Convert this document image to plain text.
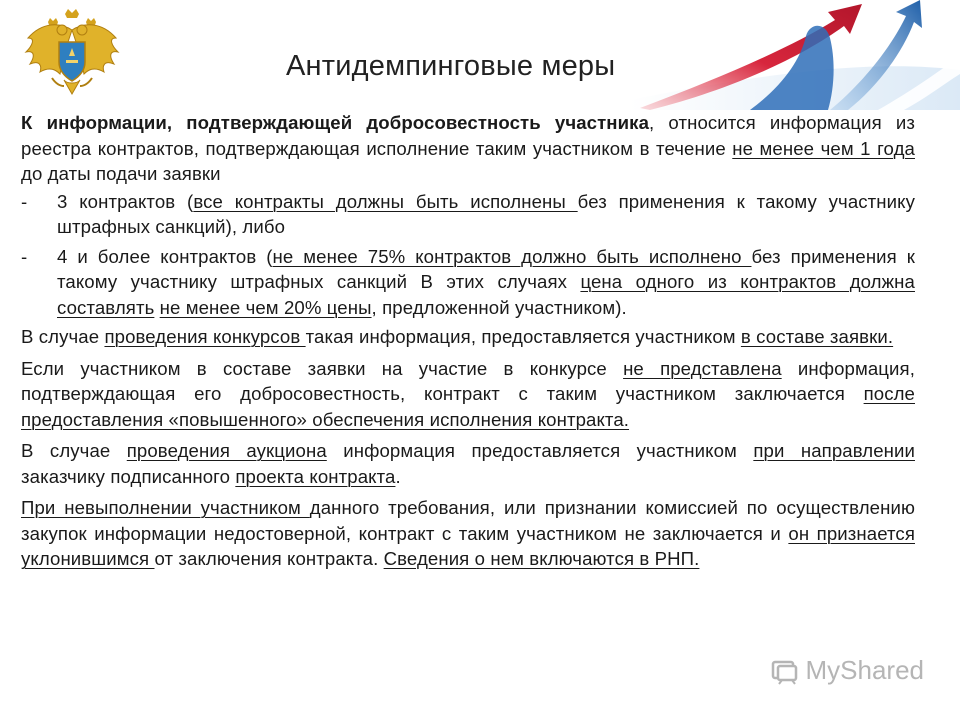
Антидемпинговые меры

К информации, подтверждающей добросовестность участника, относится информация из реестра контрактов, подтверждающая исполнение таким участником в течение не менее чем 1 года до даты подачи заявки

-	3 контрактов (все контракты должны быть исполнены без применения к такому участнику штрафных санкций), либо
-	4 и более контрактов (не менее 75% контрактов должно быть исполнено без применения к такому участнику штрафных санкций В этих случаях цена одного из контрактов должна составлять не менее чем 20% цены, предложенной участником).

В случае проведения конкурсов такая информация, предоставляется участником в составе заявки.

Если участником в составе заявки на участие в конкурсе не представлена информация, подтверждающая его добросовестность, контракт с таким участником заключается после предоставления «повышенного» обеспечения исполнения контракта.

В случае проведения аукциона информация предоставляется участником при направлении заказчику подписанного проекта контракта.

При невыполнении участником данного требования, или признании комиссией по осуществлению закупок информации недостоверной, контракт с таким участником не заключается и он признается уклонившимся от заключения контракта. Сведения о нем включаются в РНП.

MyShared
